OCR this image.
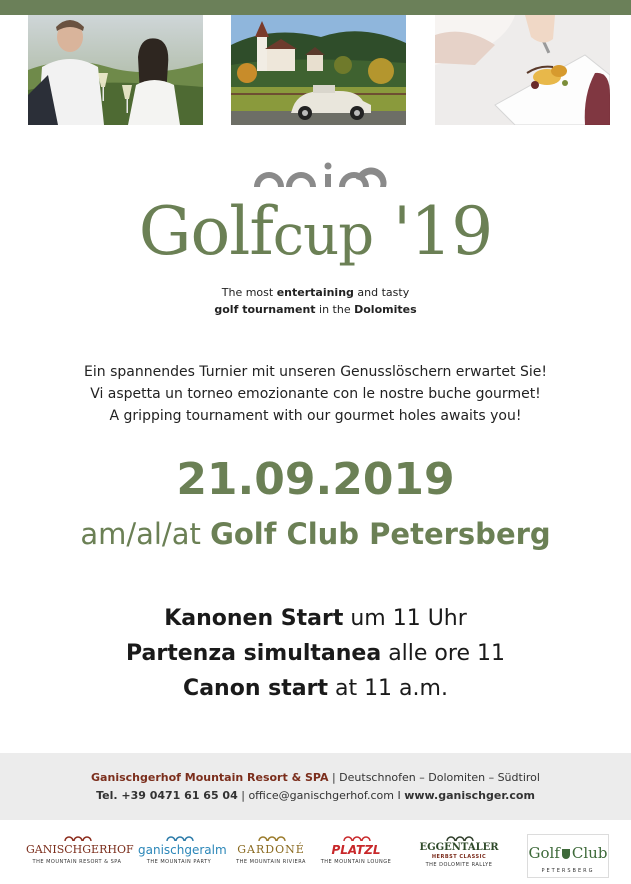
Golfcup '19
The most entertaining and tasty
golf tournament in the Dolomites
Ein spannendes Turnier mit unseren Genusslöschern erwartet Sie!
Vi aspetta un torneo emozionante con le nostre buche gourmet!
A gripping tournament with our gourmet holes awaits you!
21.09.2019
am/al/at Golf Club Petersberg
Kanonen Start um 11 Uhr
Partenza simultanea alle ore 11
Canon start at 11 a.m.
Ganischgerhof Mountain Resort & SPA | Deutschnofen – Dolomiten – Südtirol
Tel. +39 0471 61 65 04 | office@ganischgerhof.com I www.ganischger.com
GANISCHGERHOF
THE MOUNTAIN RESORT & SPA
ganischgeralm
THE MOUNTAIN PARTY
GARDONÉ
THE MOUNTAIN RIVIERA
PLATZL
THE MOUNTAIN LOUNGE
EGGENTALER
HERBST CLASSIC
THE DOLOMITE RALLYE
Golf Club
PETERSBERG
